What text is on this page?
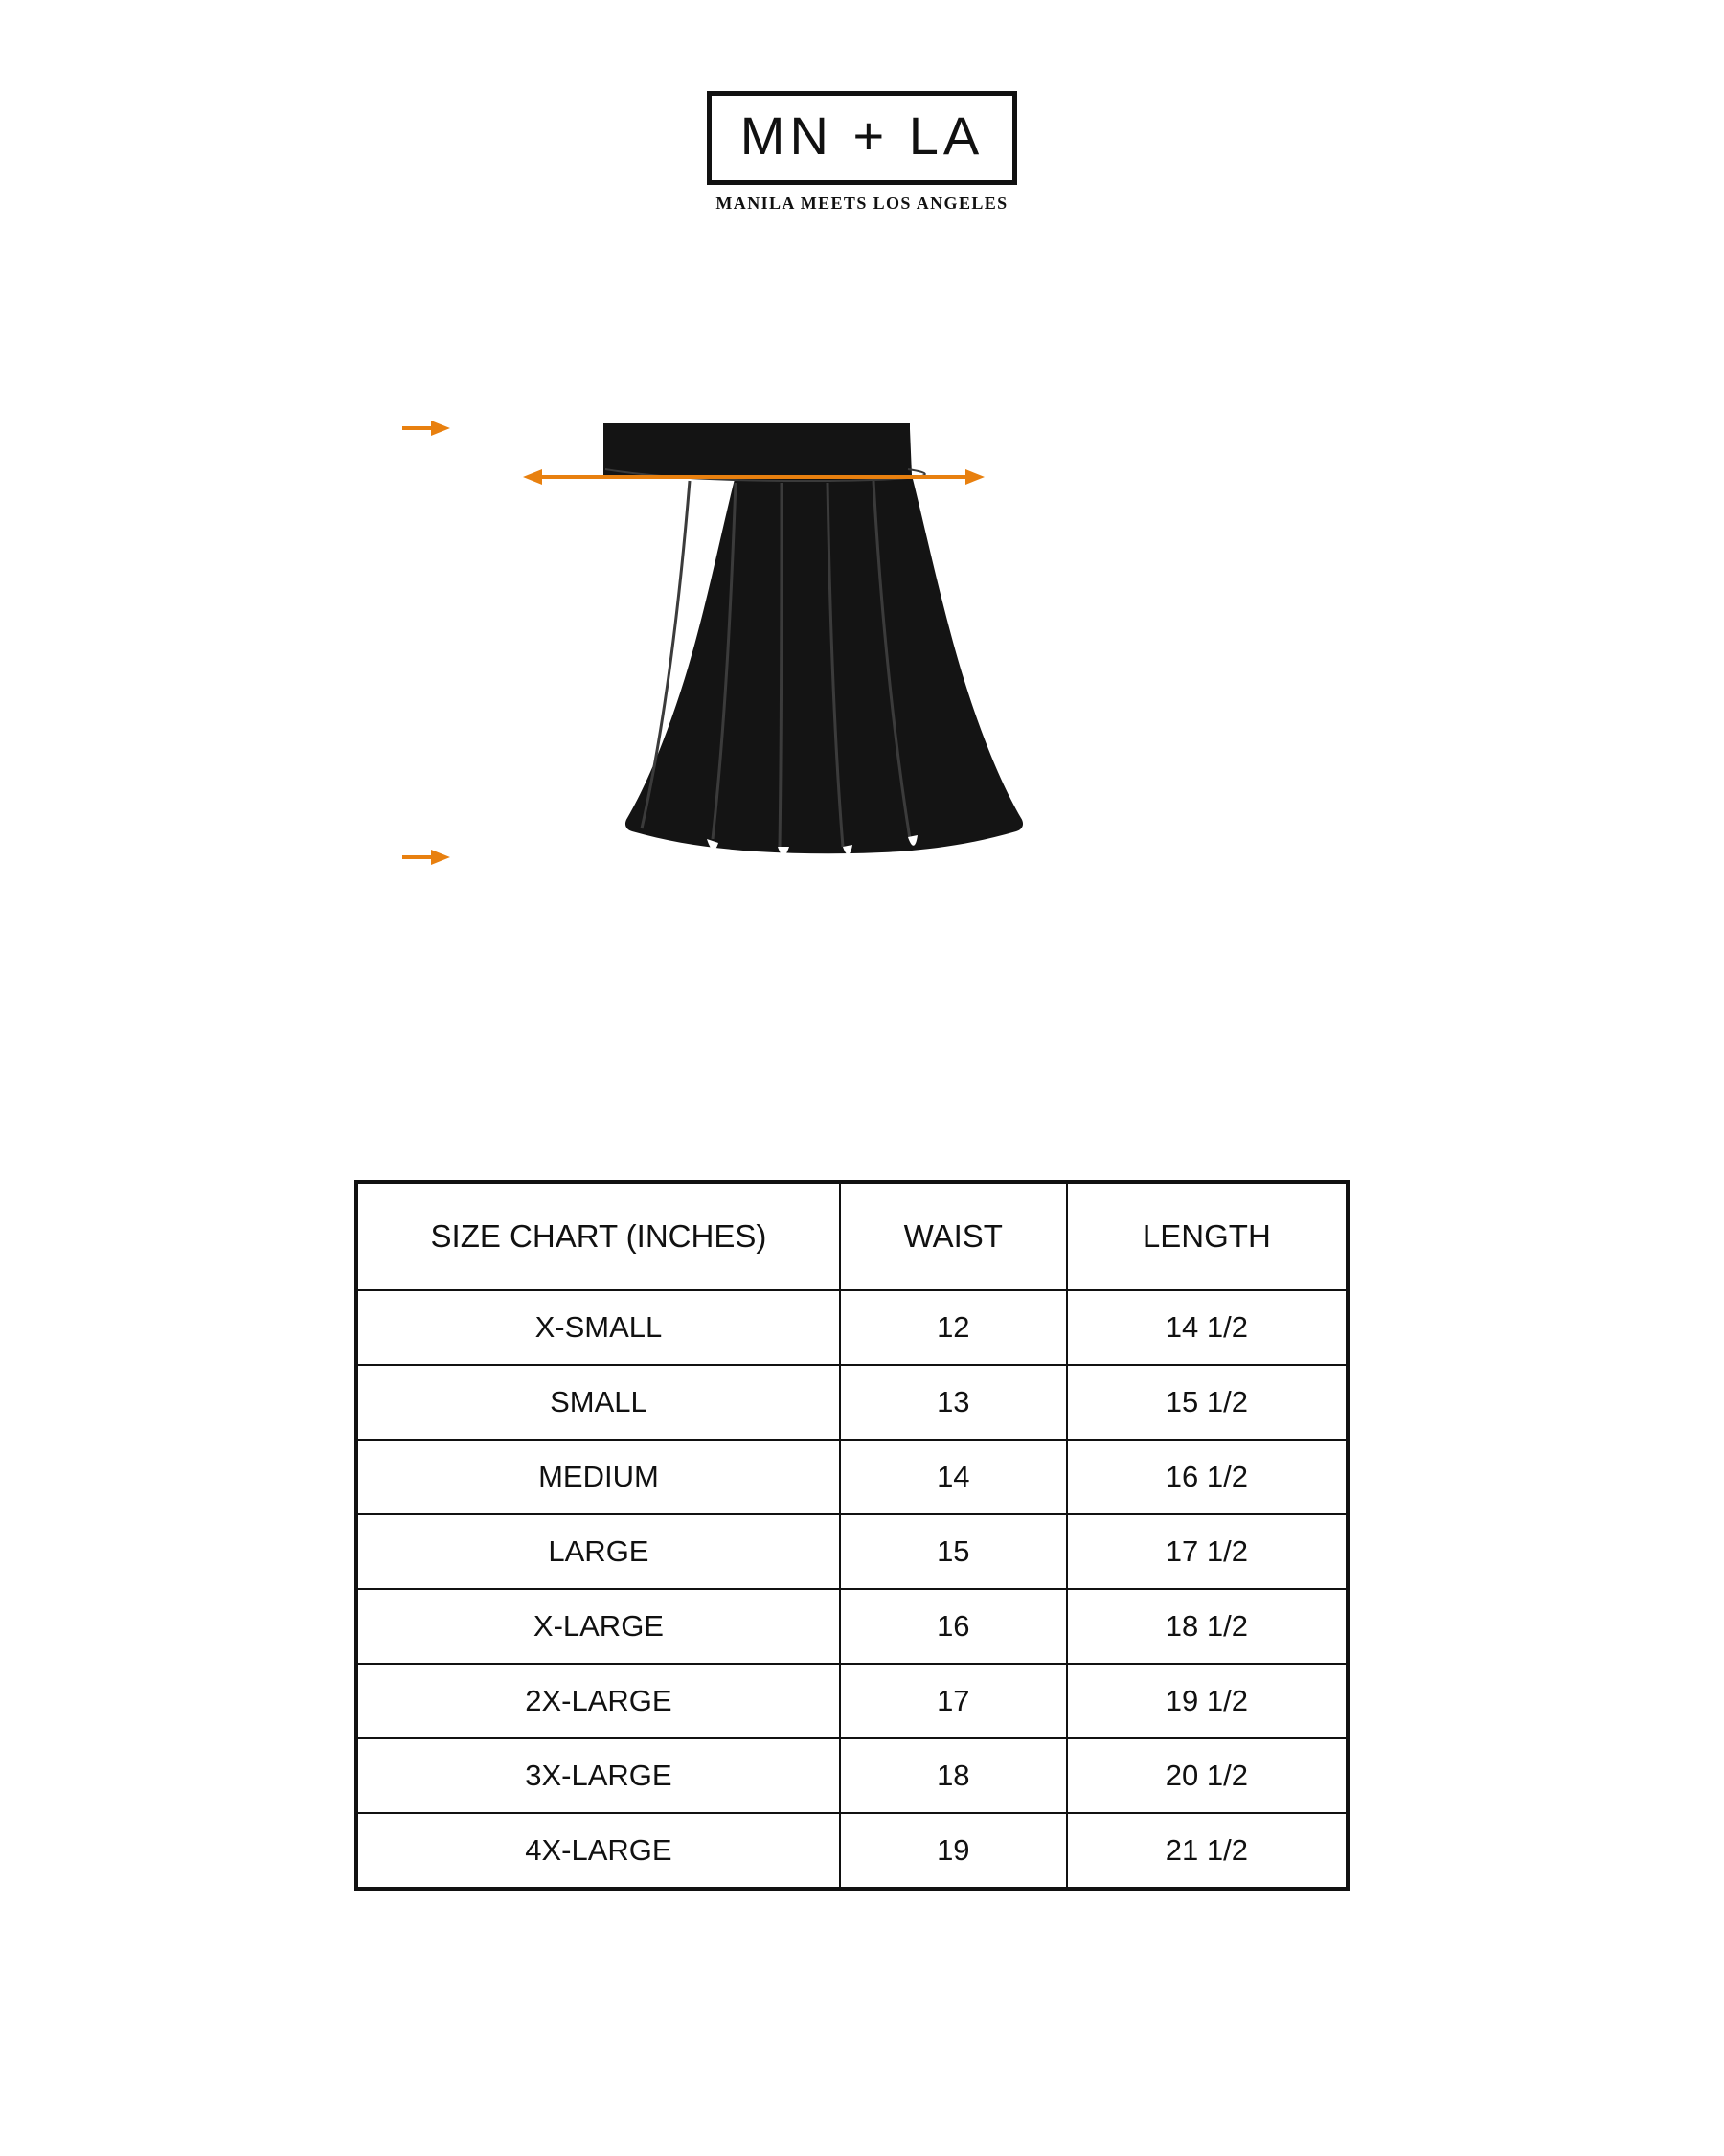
MN + LA
MANILA MEETS LOS ANGELES
SIZE CHART (INCHES)	WAIST	LENGTH
X-SMALL	12	14 1/2
SMALL	13	15 1/2
MEDIUM	14	16 1/2
LARGE	15	17 1/2
X-LARGE	16	18 1/2
2X-LARGE	17	19 1/2
3X-LARGE	18	20 1/2
4X-LARGE	19	21 1/2
